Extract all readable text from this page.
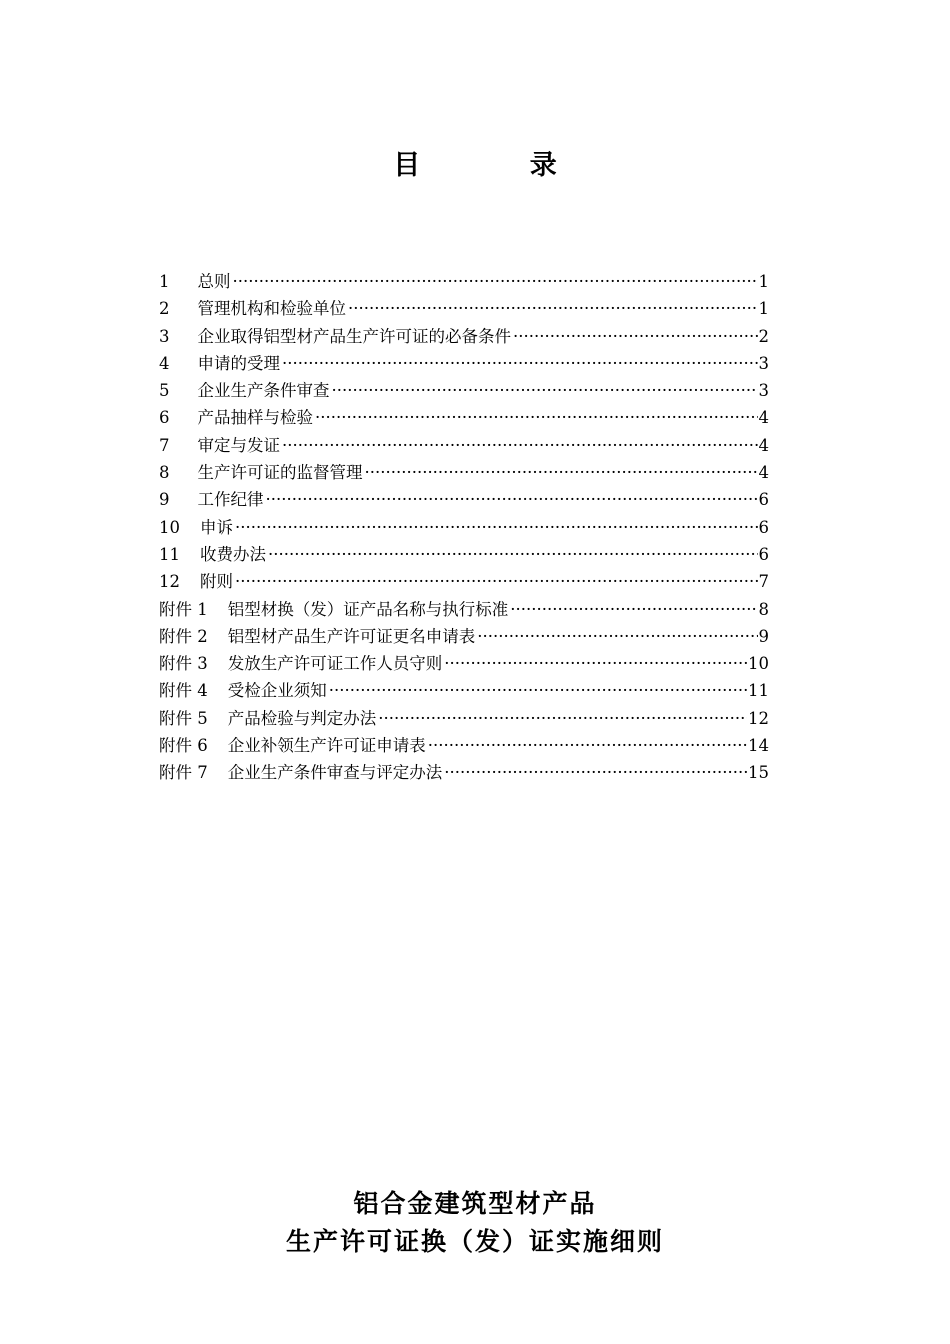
目 录
1 总则 ·····	1
2 管理机构和检验单位 ·····	1
3 企业取得铝型材产品生产许可证的必备条件 ·····	2
4 申请的受理 ·····	3
5 企业生产条件审查 ·····	3
6 产品抽样与检验 ·····	4
7 审定与发证 ·····	4
8 生产许可证的监督管理 ·····	4
9 工作纪律 ·····	6
10 申诉 ·····	6
11 收费办法 ·····	6
12 附则 ·····	7
附件 1 铝型材换（发）证产品名称与执行标准 ·····	8
附件 2 铝型材产品生产许可证更名申请表 ·····	9
附件 3 发放生产许可证工作人员守则 ·····	10
附件 4 受检企业须知 ·····	11
附件 5 产品检验与判定办法 ·····	12
附件 6 企业补领生产许可证申请表 ·····	14
附件 7 企业生产条件审查与评定办法 ·····	15
铝合金建筑型材产品
生产许可证换（发）证实施细则
